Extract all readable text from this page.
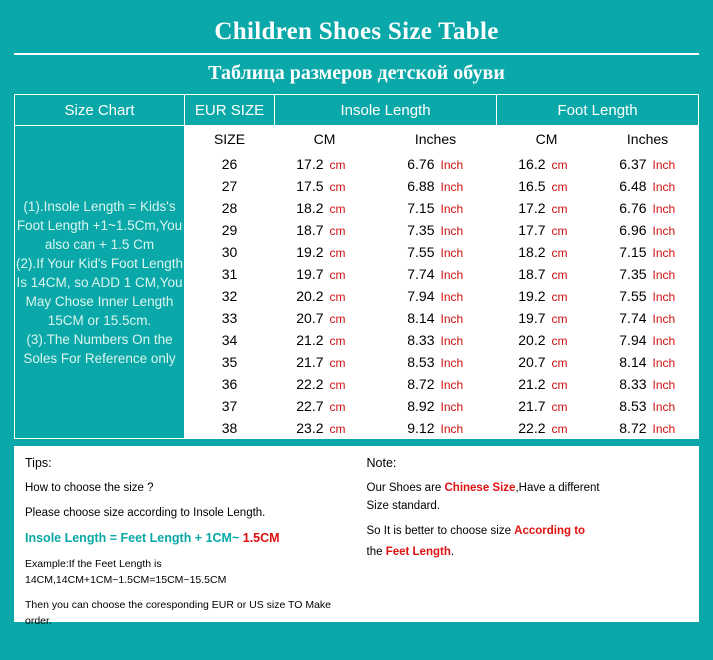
Children Shoes Size Table
Таблица размеров детской обуви
Size Chart	EUR SIZE	Insole Length		Foot Length	

(1).Insole Length = Kids's Foot Length +1~1.5Cm,You also can + 1.5 Cm
(2).If Your Kid's Foot Length Is 14CM, so ADD 1 CM,You May Chose Inner Length 15CM or 15.5cm.
(3).The Numbers On the Soles For Reference only	SIZE	CM	Inches	CM	Inches
	26	17.2 cm	6.76 Inch	16.2 cm	6.37 Inch

	27	17.5 cm	6.88 Inch	16.5 cm	6.48 Inch

	28	18.2 cm	7.15 Inch	17.2 cm	6.76 Inch

	29	18.7 cm	7.35 Inch	17.7 cm	6.96 Inch

	30	19.2 cm	7.55 Inch	18.2 cm	7.15 Inch

	31	19.7 cm	7.74 Inch	18.7 cm	7.35 Inch

	32	20.2 cm	7.94 Inch	19.2 cm	7.55 Inch

	33	20.7 cm	8.14 Inch	19.7 cm	7.74 Inch

	34	21.2 cm	8.33 Inch	20.2 cm	7.94 Inch

	35	21.7 cm	8.53 Inch	20.7 cm	8.14 Inch

	36	22.2 cm	8.72 Inch	21.2 cm	8.33 Inch

	37	22.7 cm	8.92 Inch	21.7 cm	8.53 Inch

	38	23.2 cm	9.12 Inch	22.2 cm	8.72 Inch

Tips:

How to choose the size ?

Please choose size according to Insole Length.

Insole Length = Feet Length + 1CM~ 1.5CM

Example:If the Feet Length is 14CM,14CM+1CM~1.5CM=15CM~15.5CM

Then you can choose the coresponding EUR or US size TO Make order.

Note:

Our Shoes are Chinese Size,Have a different

Size standard.

So It is better to choose size According to

the Feet Length.
